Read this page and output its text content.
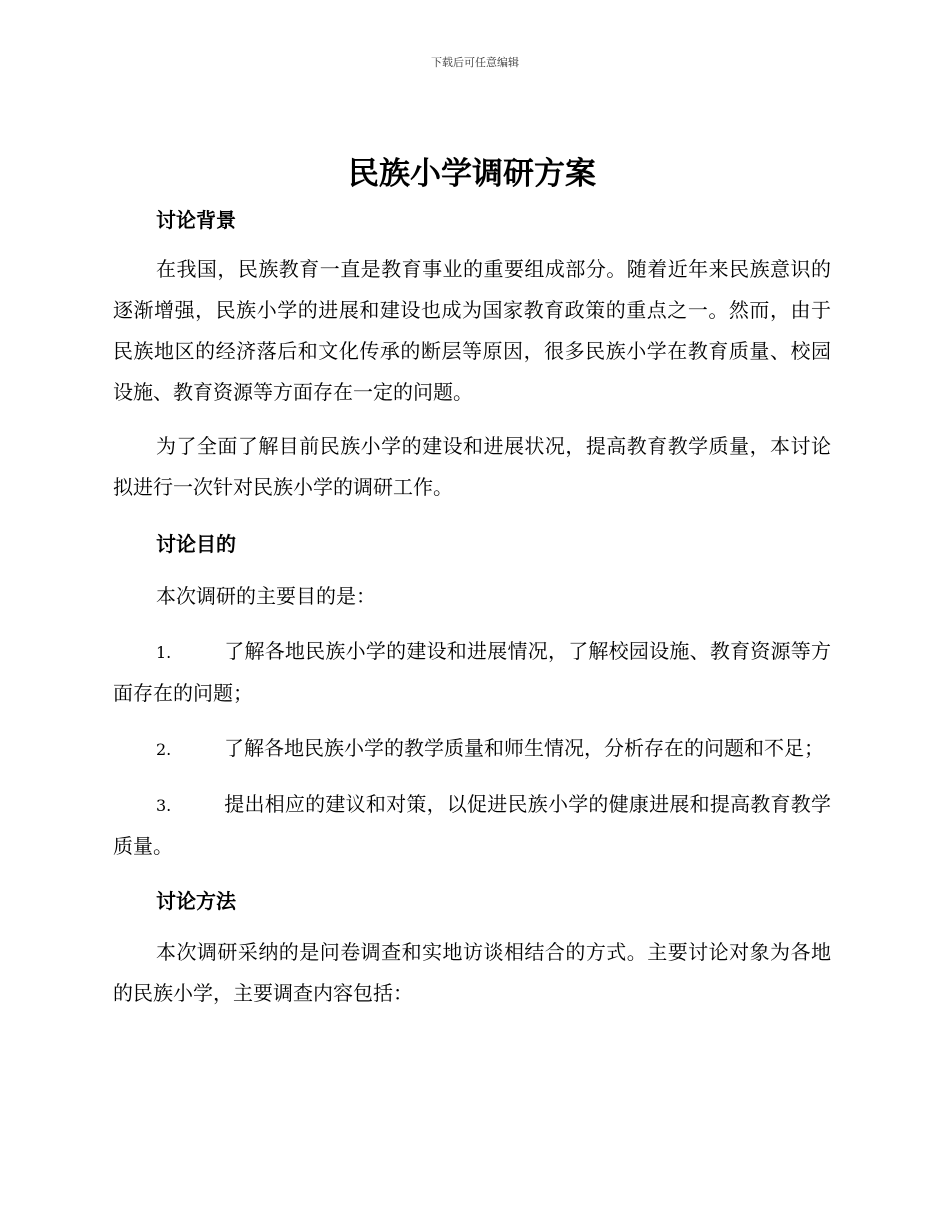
下载后可任意编辑
民族小学调研方案
讨论背景

在我国，民族教育一直是教育事业的重要组成部分。随着近年来民族意识的逐渐增强，民族小学的进展和建设也成为国家教育政策的重点之一。然而，由于民族地区的经济落后和文化传承的断层等原因，很多民族小学在教育质量、校园设施、教育资源等方面存在一定的问题。

为了全面了解目前民族小学的建设和进展状况，提高教育教学质量，本讨论拟进行一次针对民族小学的调研工作。

讨论目的

本次调研的主要目的是：

1.	了解各地民族小学的建设和进展情况，了解校园设施、教育资源等方面存在的问题；

2.	了解各地民族小学的教学质量和师生情况，分析存在的问题和不足；

3.	提出相应的建议和对策，以促进民族小学的健康进展和提高教育教学质量。

讨论方法

本次调研采纳的是问卷调查和实地访谈相结合的方式。主要讨论对象为各地的民族小学，主要调查内容包括：
